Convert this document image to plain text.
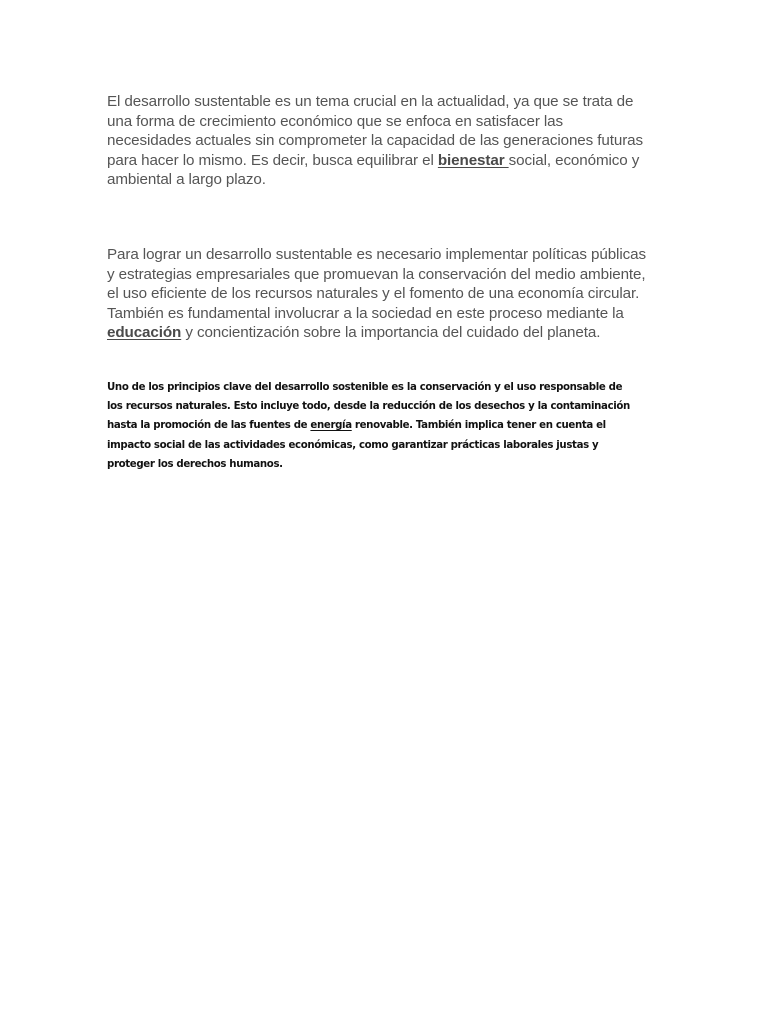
El desarrollo sustentable es un tema crucial en la actualidad, ya que se trata de una forma de crecimiento económico que se enfoca en satisfacer las necesidades actuales sin comprometer la capacidad de las generaciones futuras para hacer lo mismo. Es decir, busca equilibrar el bienestar social, económico y ambiental a largo plazo.

Para lograr un desarrollo sustentable es necesario implementar políticas públicas y estrategias empresariales que promuevan la conservación del medio ambiente, el uso eficiente de los recursos naturales y el fomento de una economía circular. También es fundamental involucrar a la sociedad en este proceso mediante la educación y concientización sobre la importancia del cuidado del planeta.

Uno de los principios clave del desarrollo sostenible es la conservación y el uso responsable de los recursos naturales. Esto incluye todo, desde la reducción de los desechos y la contaminación hasta la promoción de las fuentes de energía renovable. También implica tener en cuenta el impacto social de las actividades económicas, como garantizar prácticas laborales justas y proteger los derechos humanos.
